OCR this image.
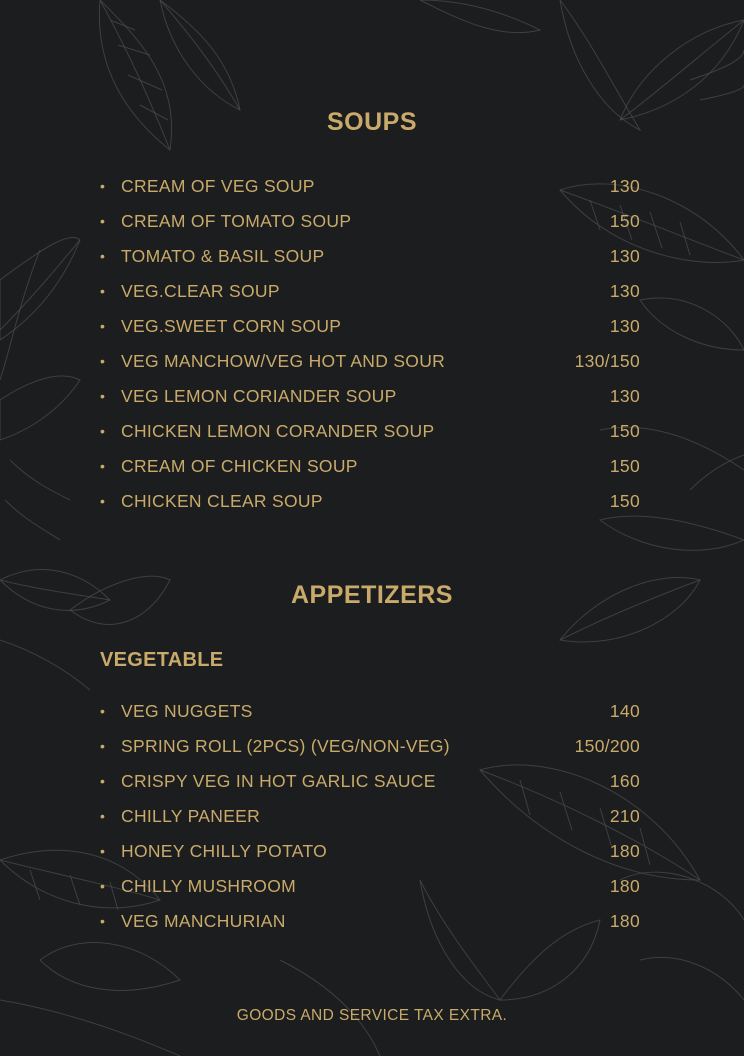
SOUPS
• CREAM OF VEG SOUP	130
• CREAM OF TOMATO SOUP	150
• TOMATO & BASIL SOUP	130
• VEG.CLEAR SOUP	130
• VEG.SWEET CORN SOUP	130
• VEG MANCHOW/VEG HOT AND SOUR	130/150
• VEG LEMON CORIANDER SOUP	130
• CHICKEN LEMON CORANDER SOUP	150
• CREAM OF CHICKEN SOUP	150
• CHICKEN CLEAR SOUP	150
APPETIZERS
VEGETABLE
• VEG NUGGETS	140
• SPRING ROLL (2PCS) (VEG/NON-VEG)	150/200
• CRISPY VEG IN HOT GARLIC SAUCE	160
• CHILLY PANEER	210
• HONEY CHILLY POTATO	180
• CHILLY MUSHROOM	180
• VEG MANCHURIAN	180
GOODS AND SERVICE TAX EXTRA.
